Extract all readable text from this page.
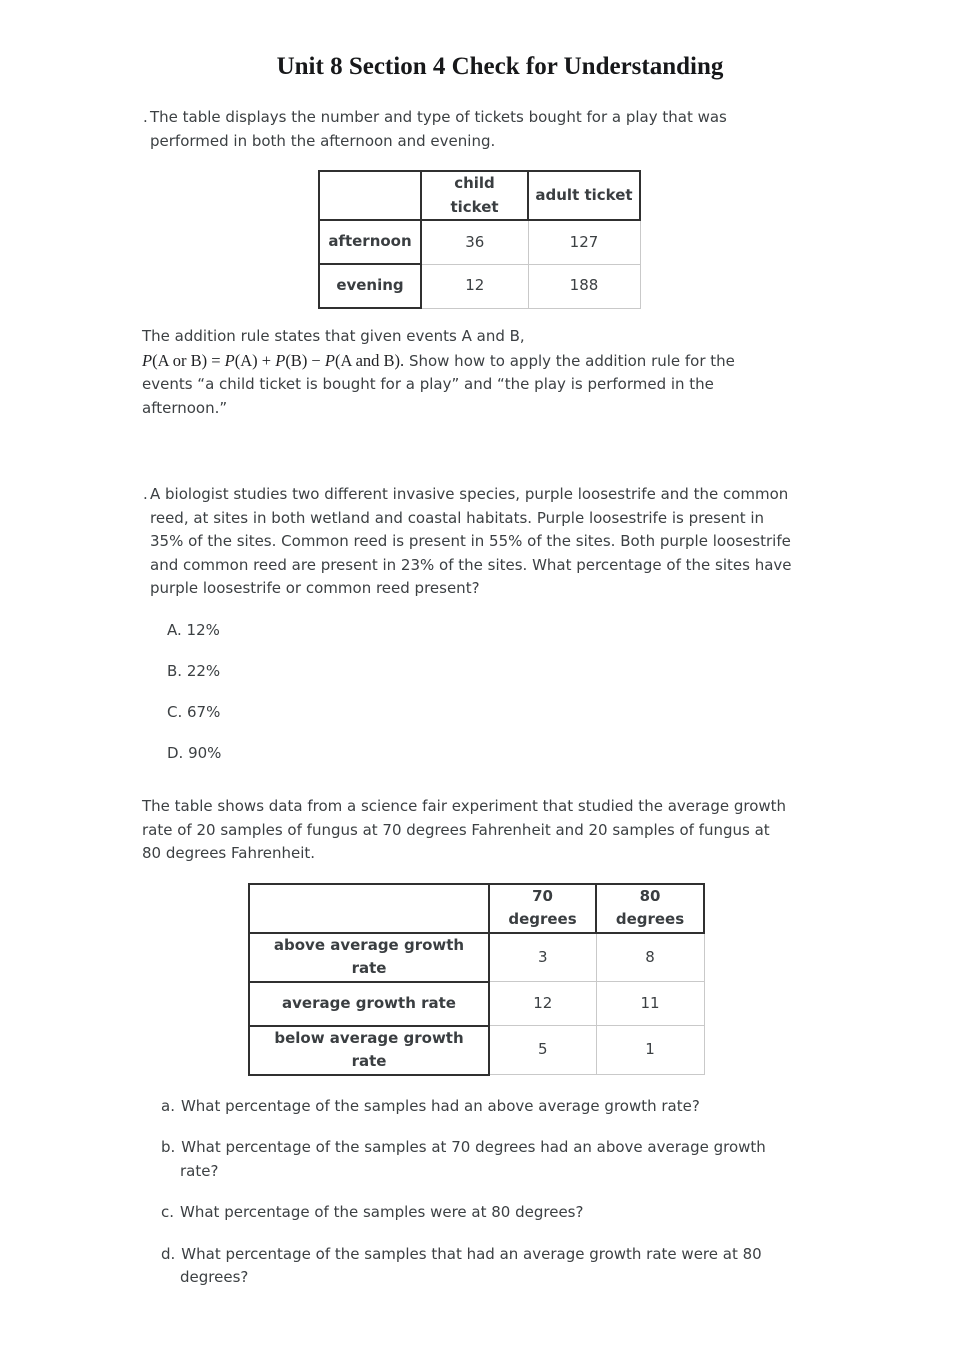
Unit 8 Section 4 Check for Understanding
. The table displays the number and type of tickets bought for a play that was
performed in both the afternoon and evening.
	child ticket	adult ticket
afternoon	36	127
evening	12	188
The addition rule states that given events A and B,
P(A or B) = P(A) + P(B) − P(A and B). Show how to apply the addition rule for the
events “a child ticket is bought for a play” and “the play is performed in the
afternoon.”
. A biologist studies two different invasive species, purple loosestrife and the common
reed, at sites in both wetland and coastal habitats. Purple loosestrife is present in
35% of the sites. Common reed is present in 55% of the sites. Both purple loosestrife
and common reed are present in 23% of the sites. What percentage of the sites have
purple loosestrife or common reed present?
A. 12%
B. 22%
C. 67%
D. 90%
The table shows data from a science fair experiment that studied the average growth
rate of 20 samples of fungus at 70 degrees Fahrenheit and 20 samples of fungus at
80 degrees Fahrenheit.
	70 degrees	80 degrees
above average growth rate	3	8
average growth rate	12	11
below average growth rate	5	1
a. What percentage of the samples had an above average growth rate?
b. What percentage of the samples at 70 degrees had an above average growth
rate?
c. What percentage of the samples were at 80 degrees?
d. What percentage of the samples that had an average growth rate were at 80
degrees?
